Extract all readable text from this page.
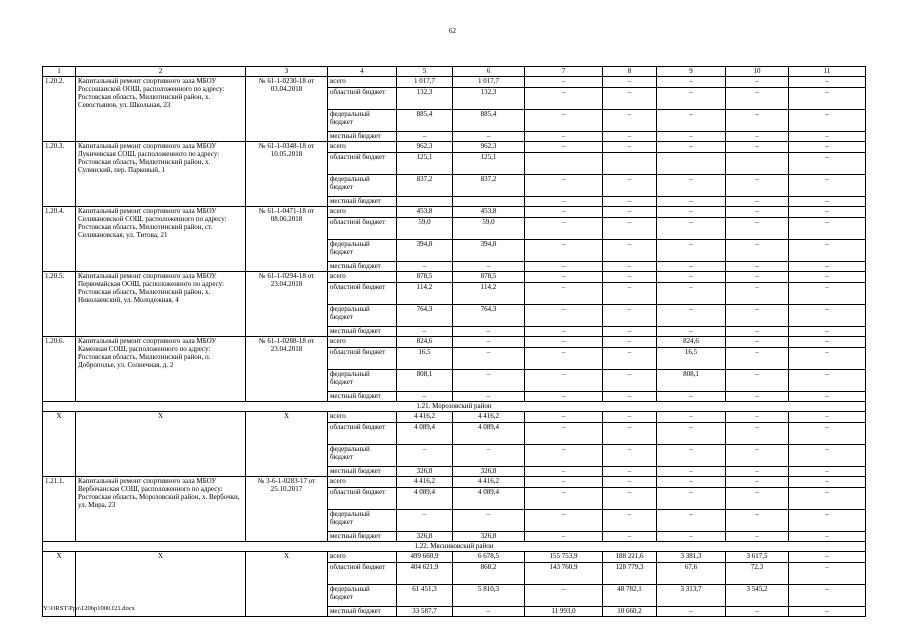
62
1	2	3	4	5	6	7	8	9	10	11
1.20.2.	Капитальный ремонт спортивного зала МБОУ Россошанской ООШ, расположенного по адресу: Ростовская область, Милютинский район, х. Севостьянов, ул. Школьная, 23	№ 61-1-0230-18 от 03.04.2018	всего	1 017,7	1 017,7	–	–	–	–	–
			областной бюджет	132,3	132,3	–	–	–	–	–
			федеральный бюджет	885,4	885,4	–	–	–	–	–
			местный бюджет	–	–	–	–	–	–	–
1.20.3.	Капитальный ремонт спортивного зала МБОУ Лукичевская СОШ, расположенного по адресу: Ростовская область, Милютинский район, х. Сулинский, пер. Парковый, 1	№ 61-1-0348-18 от 10.05.2018	всего	962,3	962,3	–	–	–	–	–
			областной бюджет	125,1	125,1					–
			федеральный бюджет	837,2	837,2	–	–	–	–	–
			местный бюджет			–	–	–	–	–
1.20.4.	Капитальный ремонт спортивного зала МБОУ Селивановской СОШ, расположенного по адресу: Ростовская область, Милютинский район, ст. Селивановская, ул. Титова, 21	№ 61-1-0471-18 от 08.06.2018	всего	453,8	453,8	–	–	–	–	–
			областной бюджет	59,0	59,0	–	–	–	–	–
			федеральный бюджет	394,8	394,8	–	–	–	–	–
			местный бюджет	–	–	–	–	–	–	–
1.20.5.	Капитальный ремонт спортивного зала МБОУ Первомайская ООШ, расположенного по адресу: Ростовская область, Милютинский район, х. Николаевский, ул. Молодежная, 4	№ 61-1-0294-18 от 23.04.2018	всего	878,5	878,5	–	–	–	–	–
			областной бюджет	114,2	114,2	–	–	–	–	–
			федеральный бюджет	764,3	764,3	–	–	–	–	–
			местный бюджет	–	–	–	–	–	–	–
1.20.6.	Капитальный ремонт спортивного зала МБОУ Каменная СОШ, расположенного по адресу: Ростовская область, Милютинский район, п. Доброполье, ул. Солнечная, д. 2	№ 61-1-0288-18 от 23.04.2018	всего	824,6	–	–	–	824,6	–	–
			областной бюджет	16,5	–	–	–	16,5	–	–
			федеральный бюджет	808,1	–	–	–	808,1	–	–
			местный бюджет	–	–	–	–	–	–	–
1.21. Морозовский район										
X	X	X	всего	4 416,2	4 416,2	–	–	–	–	–
			областной бюджет	4 089,4	4 089,4	–	–	–	–	–
			федеральный бюджет	–	–	–	–	–	–	–
			местный бюджет	326,8	326,8	–	–	–	–	–
1.21.1.	Капитальный ремонт спортивного зала МБОУ Вербочанская СОШ, расположенного по адресу: Ростовская область, Морозовский район, х. Вербочки, ул. Мира, 23	№ 3-6-1-0283-17 от 25.10.2017	всего	4 416,2	4 416,2	–	–	–	–	–
			областной бюджет	4 089,4	4 089,4	–	–	–	–	–
			федеральный бюджет	–	–	–	–	–	–	–
			местный бюджет	326,8	326,8	–	–	–	–	–
1.22. Мясниковский район										
X	X	X	всего	499 660,9	6 678,5	155 753,9	188 221,6	3 381,3	3 617,5	–
			областной бюджет	404 621,9	868,2	143 760,9	128 779,3	67,6	72,3	–
			федеральный бюджет	61 451,3	5 810,3	–	48 782,1	3 313,7	3 545,2	–
			местный бюджет	33 587,7	–	11 993,0	10 660,2	–	–	–
Y:\ORST\Ppo\1206p1000.f21.docx
